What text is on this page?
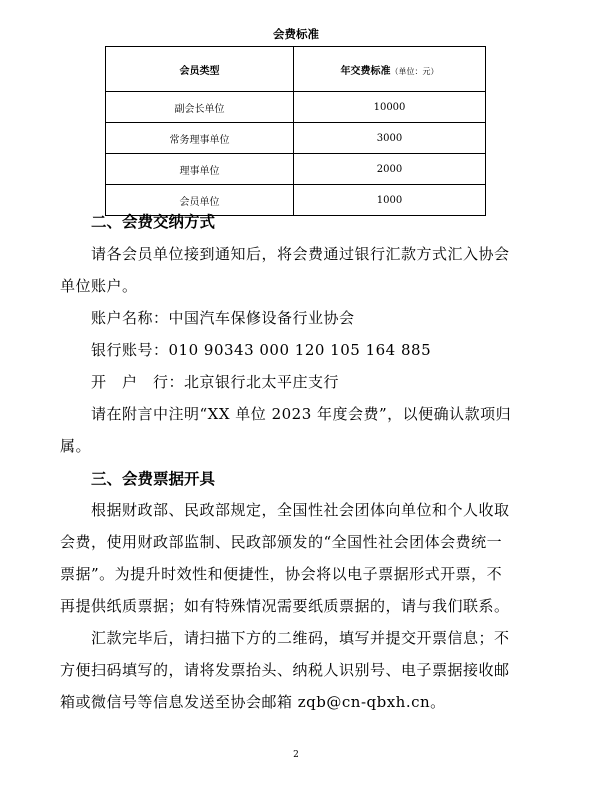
会费标准
会员类型	年交费标准（单位：元）
副会长单位	10000
常务理事单位	3000
理事单位	2000
会员单位	1000
二、会费交纳方式
请各会员单位接到通知后，将会费通过银行汇款方式汇入协会
单位账户。
账户名称：中国汽车保修设备行业协会
银行账号：010 90343 000 120 105 164 885
开　户　行：北京银行北太平庄支行
请在附言中注明“XX 单位 2023 年度会费”，以便确认款项归
属。
三、会费票据开具
根据财政部、民政部规定，全国性社会团体向单位和个人收取
会费，使用财政部监制、民政部颁发的“全国性社会团体会费统一
票据”。为提升时效性和便捷性，协会将以电子票据形式开票，不
再提供纸质票据；如有特殊情况需要纸质票据的，请与我们联系。
汇款完毕后，请扫描下方的二维码，填写并提交开票信息；不
方便扫码填写的，请将发票抬头、纳税人识别号、电子票据接收邮
箱或微信号等信息发送至协会邮箱 zqb@cn-qbxh.cn。
2
